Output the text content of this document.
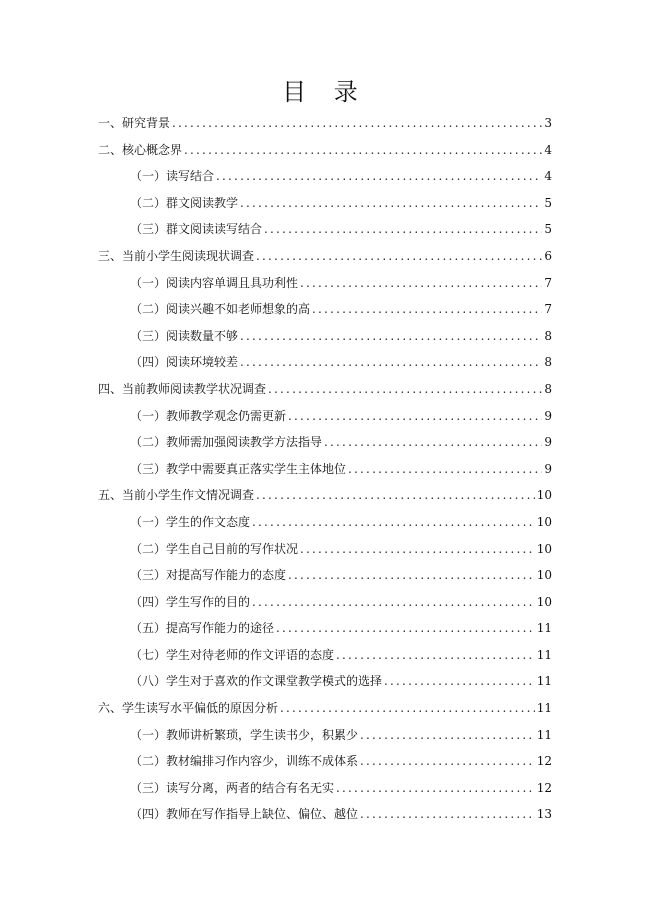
目 录
一、研究背景 .....	3
二、核心概念界 .....	4
（一）读写结合 .....	4
（二）群文阅读教学 .....	5
（三）群文阅读读写结合 .....	5
三、当前小学生阅读现状调查 .....	6
（一）阅读内容单调且具功利性 .....	7
（二）阅读兴趣不如老师想象的高 .....	7
（三）阅读数量不够 .....	8
（四）阅读环境较差 .....	8
四、当前教师阅读教学状况调查 .....	8
（一）教师教学观念仍需更新 .....	9
（二）教师需加强阅读教学方法指导 .....	9
（三）教学中需要真正落实学生主体地位 .....	9
五、当前小学生作文情况调查 .....	10
（一）学生的作文态度 .....	10
（二）学生自己目前的写作状况 .....	10
（三）对提高写作能力的态度 .....	10
（四）学生写作的目的 .....	10
（五）提高写作能力的途径 .....	11
（七）学生对待老师的作文评语的态度 .....	11
（八）学生对于喜欢的作文课堂教学模式的选择 .....	11
六、学生读写水平偏低的原因分析 .....	11
（一）教师讲析繁琐，学生读书少，积累少 .....	11
（二）教材编排习作内容少，训练不成体系 .....	12
（三）读写分离，两者的结合有名无实 .....	12
（四）教师在写作指导上缺位、偏位、越位 .....	13
